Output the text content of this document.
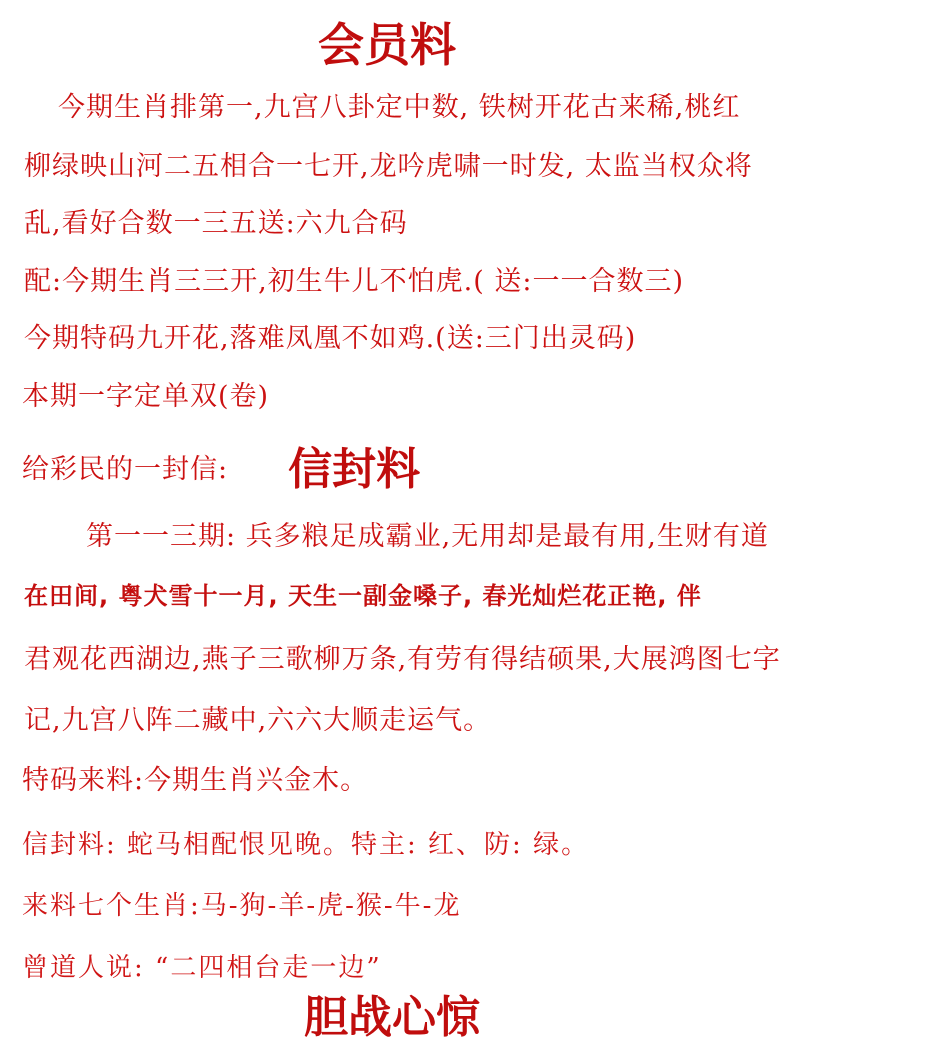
会员料
今期生肖排第一,九宫八卦定中数, 铁树开花古来稀,桃红
柳绿映山河二五相合一七开,龙吟虎啸一时发, 太监当权众将
乱,看好合数一三五送:六九合码
配:今期生肖三三开,初生牛儿不怕虎.( 送:一一合数三)
今期特码九开花,落难凤凰不如鸡.(送:三门出灵码)
本期一字定单双(卷)
给彩民的一封信: 信封料
第一一三期: 兵多粮足成霸业,无用却是最有用,生财有道
在田间, 粤犬雪十一月, 天生一副金嗓子, 春光灿烂花正艳, 伴
君观花西湖边,燕子三歌柳万条,有劳有得结硕果,大展鸿图七字
记,九宫八阵二藏中,六六大顺走运气。
特码来料:今期生肖兴金木。
信封料: 蛇马相配恨见晚。特主: 红、防: 绿。
来料七个生肖:马-狗-羊-虎-猴-牛-龙
曾道人说: “二四相台走一边”
胆战心惊
